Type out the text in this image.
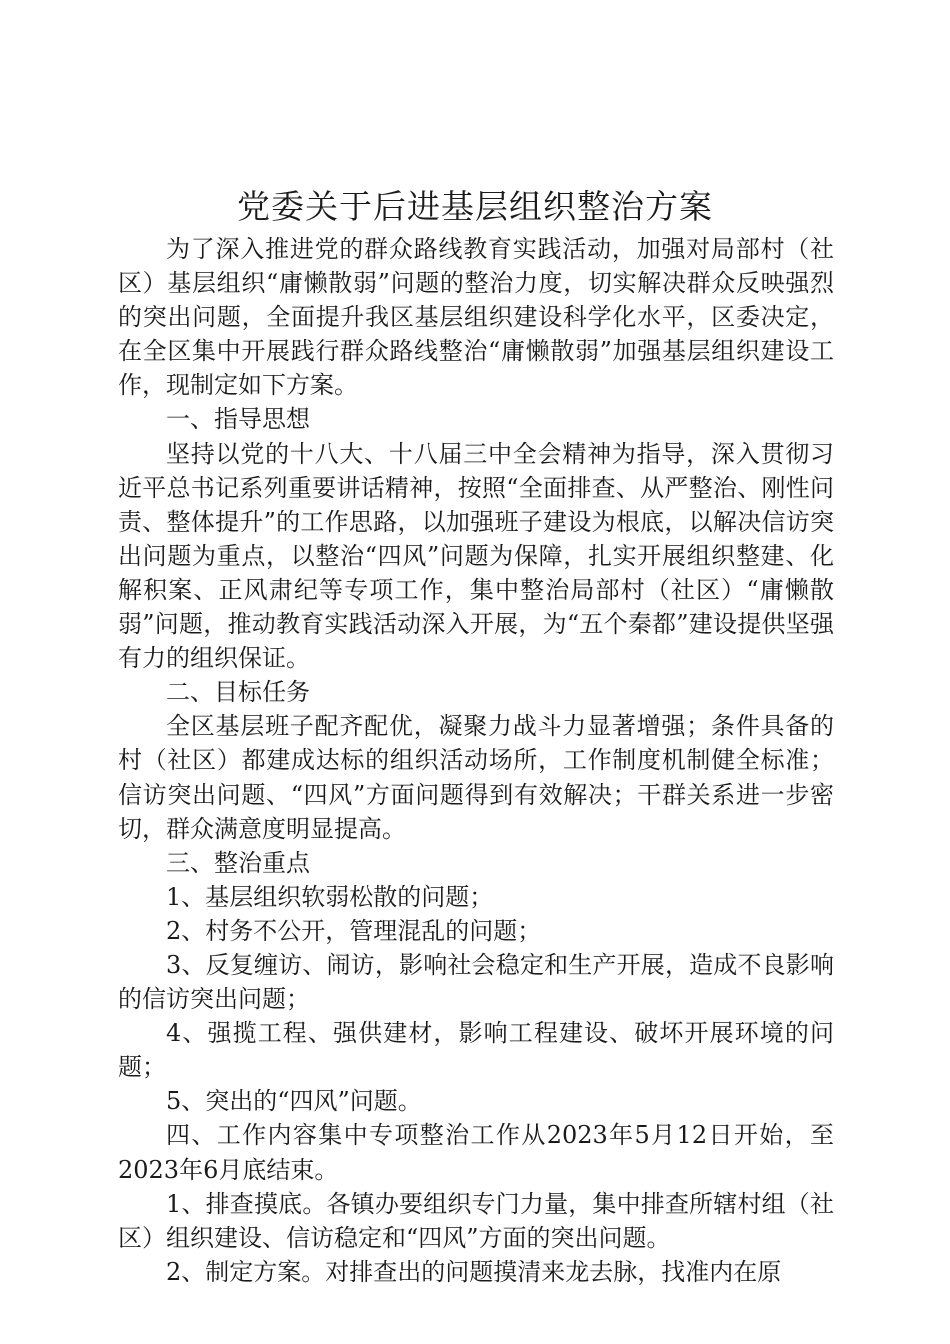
党委关于后进基层组织整治方案

为了深入推进党的群众路线教育实践活动，加强对局部村（社区）基层组织“庸懒散弱”问题的整治力度，切实解决群众反映强烈的突出问题，全面提升我区基层组织建设科学化水平，区委决定，在全区集中开展践行群众路线整治“庸懒散弱”加强基层组织建设工作，现制定如下方案。

一、指导思想

坚持以党的十八大、十八届三中全会精神为指导，深入贯彻习近平总书记系列重要讲话精神，按照“全面排查、从严整治、刚性问责、整体提升”的工作思路，以加强班子建设为根底，以解决信访突出问题为重点，以整治“四风”问题为保障，扎实开展组织整建、化解积案、正风肃纪等专项工作，集中整治局部村（社区）“庸懒散弱”问题，推动教育实践活动深入开展，为“五个秦都”建设提供坚强有力的组织保证。

二、目标任务

全区基层班子配齐配优，凝聚力战斗力显著增强；条件具备的村（社区）都建成达标的组织活动场所，工作制度机制健全标准；信访突出问题、“四风”方面问题得到有效解决；干群关系进一步密切，群众满意度明显提高。

三、整治重点

1、基层组织软弱松散的问题；

2、村务不公开，管理混乱的问题；

3、反复缠访、闹访，影响社会稳定和生产开展，造成不良影响的信访突出问题；

4、强揽工程、强供建材，影响工程建设、破坏开展环境的问题；

5、突出的“四风”问题。

四、工作内容集中专项整治工作从2023年5月12日开始，至2023年6月底结束。

1、排查摸底。各镇办要组织专门力量，集中排查所辖村组（社区）组织建设、信访稳定和“四风”方面的突出问题。

2、制定方案。对排查出的问题摸清来龙去脉，找准内在原
